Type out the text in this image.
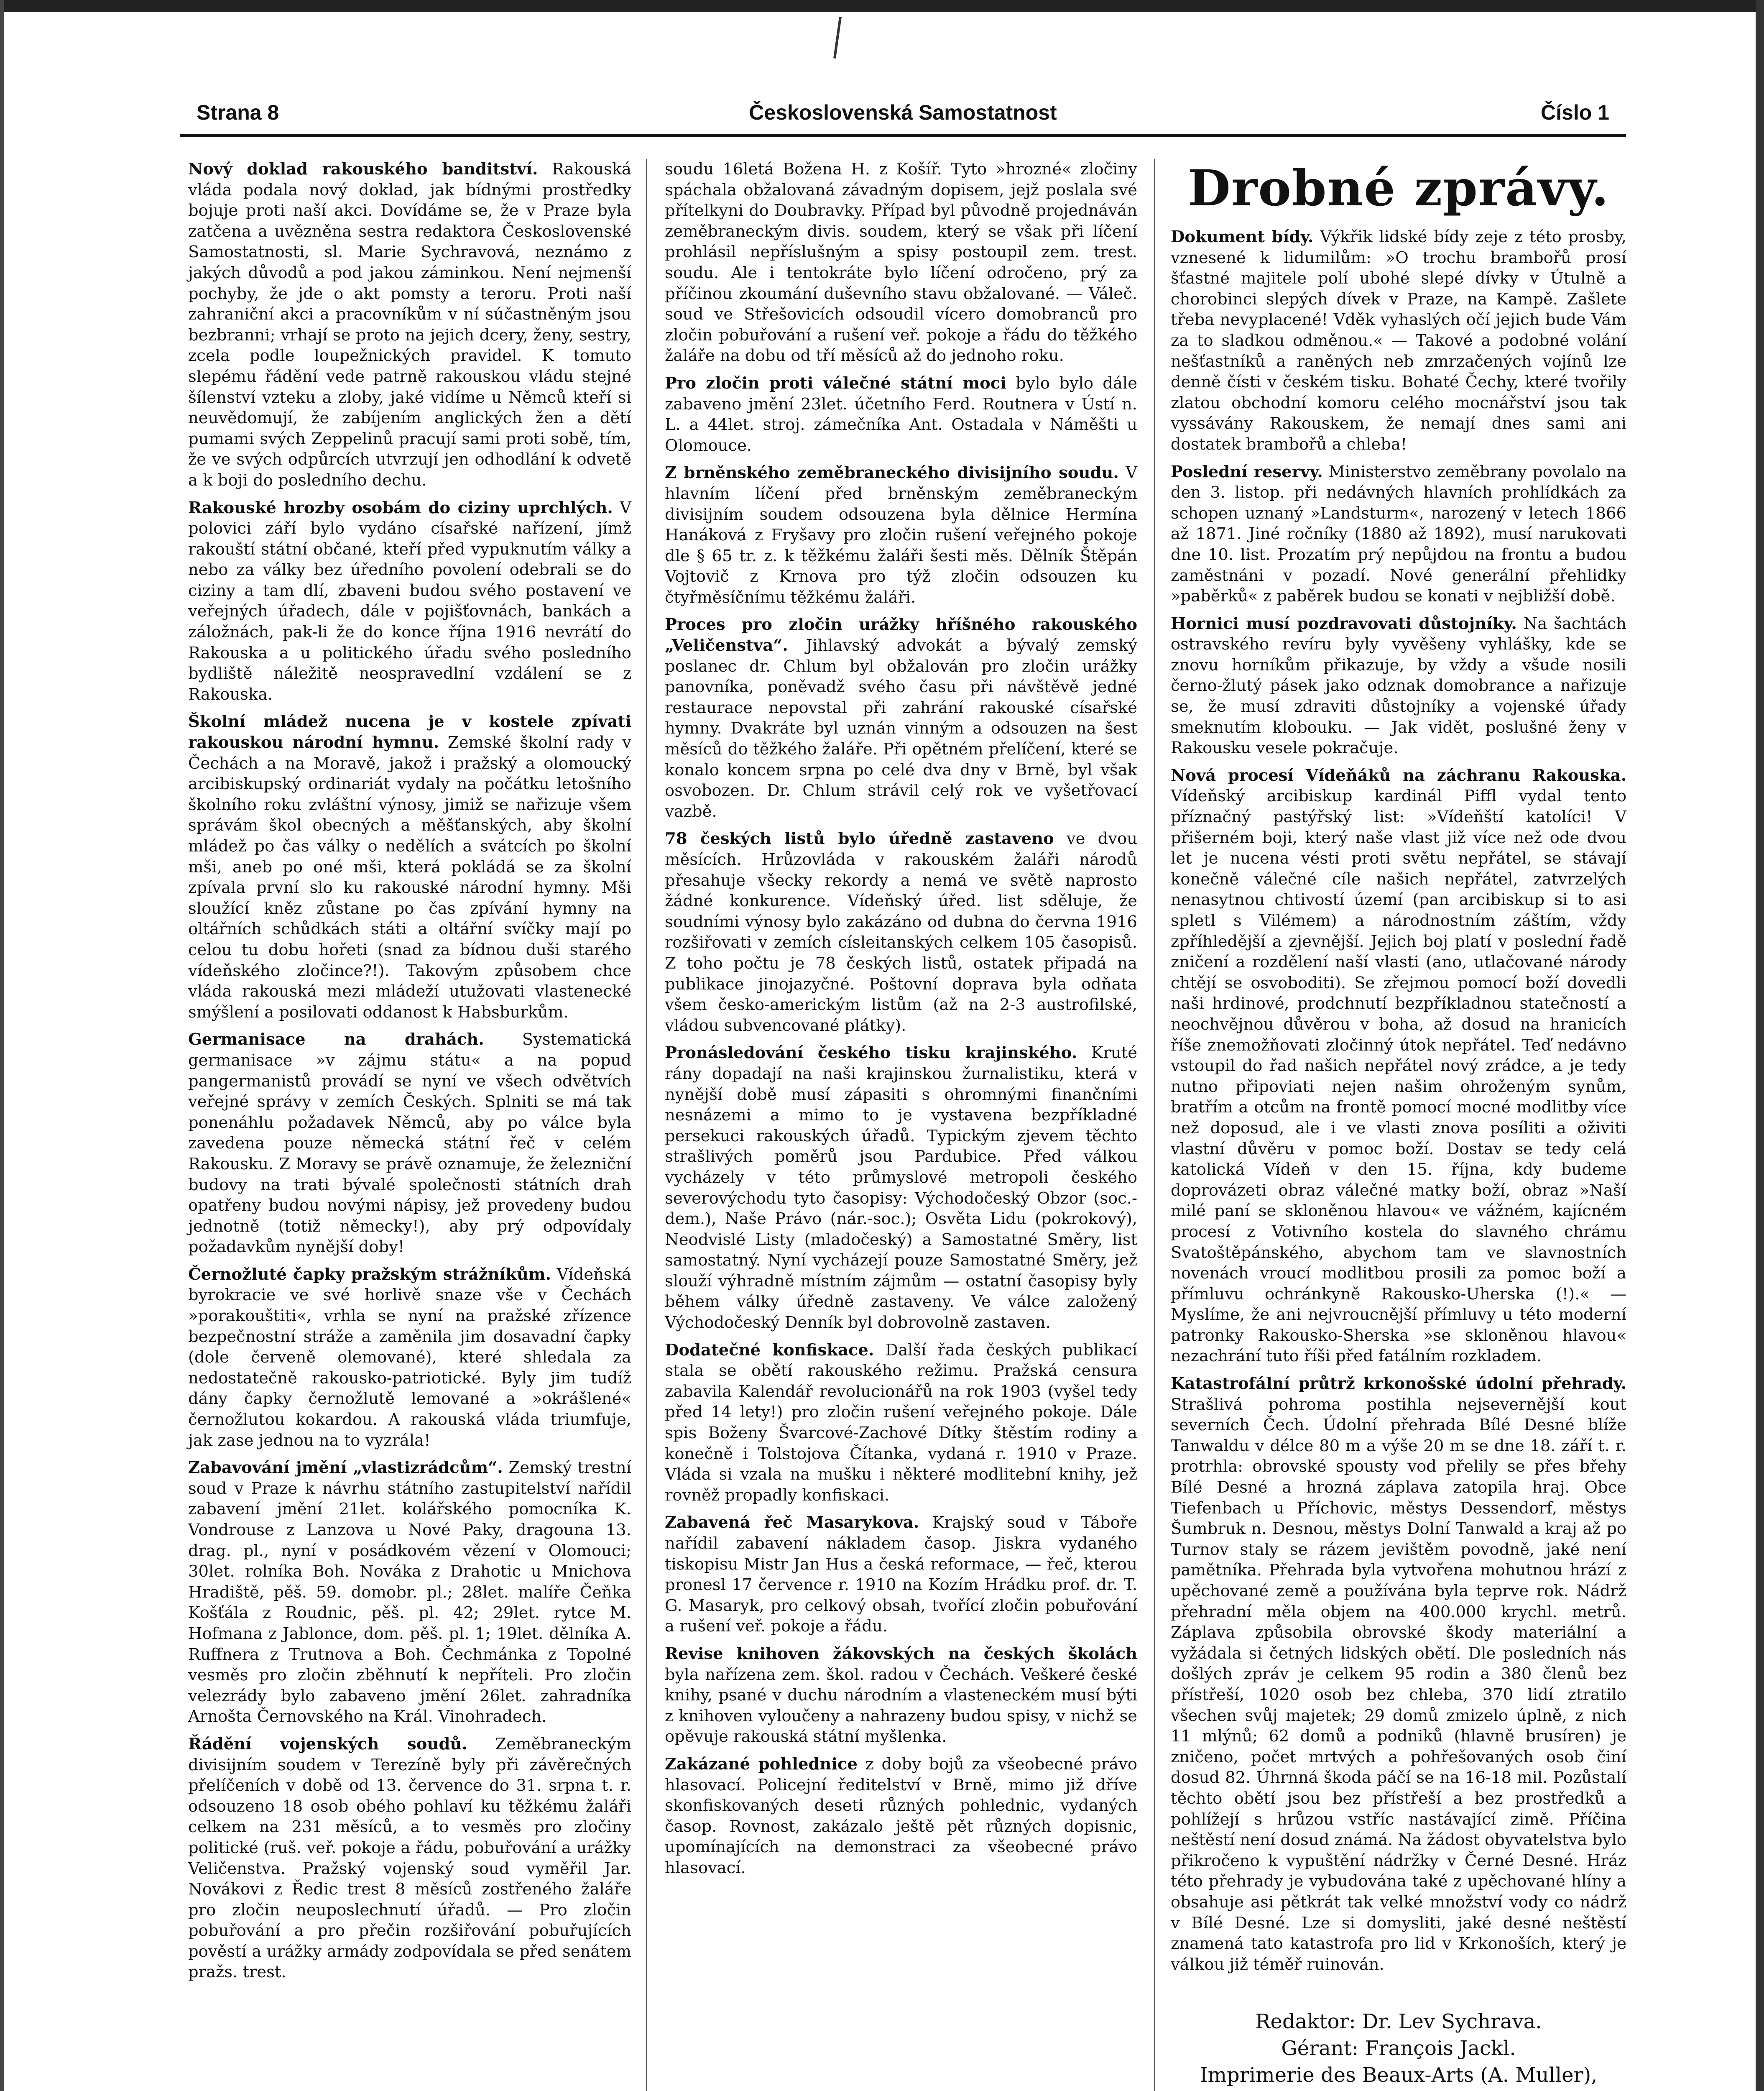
Strana 8	Československá Samostatnost	Číslo 1

Nový doklad rakouského banditství. Rakouská vláda podala nový doklad, jak bídnými prostředky bojuje proti naší akci. Dovídáme se, že v Praze byla zatčena a uvězněna sestra redaktora Československé Samostatnosti, sl. Marie Sychravová, neznámo z jakých důvodů a pod jakou záminkou. Není nejmenší pochyby, že jde o akt pomsty a teroru. Proti naší zahraniční akci a pracovníkům v ní súčastněným jsou bezbranni; vrhají se proto na jejich dcery, ženy, sestry, zcela podle loupežnických pravidel. K tomuto slepému řádění vede patrně rakouskou vládu stejné šílenství vzteku a zloby, jaké vidíme u Němců kteří si neuvědomují, že zabíjením anglických žen a dětí pumami svých Zeppelinů pracují sami proti sobě, tím, že ve svých odpůrcích utvrzují jen odhodlání k odvetě a k boji do posledního dechu.

Rakouské hrozby osobám do ciziny uprchlých. V polovici září bylo vydáno císařské nařízení, jímž rakouští státní občané, kteří před vypuknutím války a nebo za války bez úředního povolení odebrali se do ciziny a tam dlí, zbaveni budou svého postavení ve veřejných úřadech, dále v pojišťovnách, bankách a záložnách, pak-li že do konce října 1916 nevrátí do Rakouska a u politického úřadu svého posledního bydliště náležitě neospravedlní vzdálení se z Rakouska.

Školní mládež nucena je v kostele zpívati rakouskou národní hymnu. Zemské školní rady v Čechách a na Moravě, jakož i pražský a olomoucký arcibiskupský ordinariát vydaly na počátku letošního školního roku zvláštní výnosy, jimiž se nařizuje všem správám škol obecných a měšťanských, aby školní mládež po čas války o nedělích a svátcích po školní mši, aneb po oné mši, která pokládá se za školní zpívala první slo ku rakouské národní hymny. Mši sloužící kněz zůstane po čas zpívání hymny na oltářních schůdkách státi a oltářní svíčky mají po celou tu dobu hořeti (snad za bídnou duši starého vídeňského zločince?!). Takovým způsobem chce vláda rakouská mezi mládeží utužovati vlastenecké smýšlení a posilovati oddanost k Habsburkům.

Germanisace na drahách. Systematická germanisace »v zájmu státu« a na popud pangermanistů provádí se nyní ve všech odvětvích veřejné správy v zemích Českých. Splniti se má tak ponenáhlu požadavek Němců, aby po válce byla zavedena pouze německá státní řeč v celém Rakousku. Z Moravy se právě oznamuje, že železniční budovy na trati bývalé společnosti státních drah opatřeny budou novými nápisy, jež provedeny budou jednotně (totiž německy!), aby prý odpovídaly požadavkům nynější doby!

Černožluté čapky pražským strážníkům. Vídeňská byrokracie ve své horlivě snaze vše v Čechách »porakouštiti«, vrhla se nyní na pražské zřízence bezpečnostní stráže a zaměnila jim dosavadní čapky (dole červeně olemované), které shledala za nedostatečně rakousko-patriotické. Byly jim tudíž dány čapky černožlutě lemované a »okrášlené« černožlutou kokardou. A rakouská vláda triumfuje, jak zase jednou na to vyzrála!

Zabavování jmění „vlastizrádcům“. Zemský trestní soud v Praze k návrhu státního zastupitelství nařídil zabavení jmění 21let. kolářského pomocníka K. Vondrouse z Lanzova u Nové Paky, dragouna 13. drag. pl., nyní v posádkovém vězení v Olomouci; 30let. rolníka Boh. Nováka z Drahotic u Mnichova Hradiště, pěš. 59. domobr. pl.; 28let. malíře Čeňka Košťála z Roudnic, pěš. pl. 42; 29let. rytce M. Hofmana z Jablonce, dom. pěš. pl. 1; 19let. dělníka A. Ruffnera z Trutnova a Boh. Čechmánka z Topolné vesměs pro zločin zběhnutí k nepříteli. Pro zločin velezrády bylo zabaveno jmění 26let. zahradníka Arnošta Černovského na Král. Vinohradech.

Řádění vojenských soudů. Zeměbraneckým divisijním soudem v Terezíně byly při závěrečných přelíčeních v době od 13. července do 31. srpna t. r. odsouzeno 18 osob obého pohlaví ku těžkému žaláři celkem na 231 měsíců, a to vesměs pro zločiny politické (ruš. veř. pokoje a řádu, pobuřování a urážky Veličenstva. Pražský vojenský soud vyměřil Jar. Novákovi z Ředic trest 8 měsíců zostřeného žaláře pro zločin neuposlechnutí úřadů. — Pro zločin pobuřování a pro přečin rozšiřování pobuřujících pověstí a urážky armády zodpovídala se před senátem pražs. trest.

soudu 16letá Božena H. z Košíř. Tyto »hrozné« zločiny spáchala obžalovaná závadným dopisem, jejž poslala své přítelkyni do Doubravky. Případ byl původně projednáván zeměbraneckým divis. soudem, který se však při líčení prohlásil nepříslušným a spisy postoupil zem. trest. soudu. Ale i tentokráte bylo líčení odročeno, prý za příčinou zkoumání duševního stavu obžalované. — Váleč. soud ve Střešovicích odsoudil vícero domobranců pro zločin pobuřování a rušení veř. pokoje a řádu do těžkého žaláře na dobu od tří měsíců až do jednoho roku.

Pro zločin proti válečné státní moci bylo bylo dále zabaveno jmění 23let. účetního Ferd. Routnera v Ústí n. L. a 44let. stroj. zámečníka Ant. Ostadala v Náměšti u Olomouce.

Z brněnského zeměbraneckého divisijního soudu. V hlavním líčení před brněnským zeměbraneckým divisijním soudem odsouzena byla dělnice Hermína Hanáková z Fryšavy pro zločin rušení veřejného pokoje dle § 65 tr. z. k těžkému žaláři šesti měs. Dělník Štěpán Vojtovič z Krnova pro týž zločin odsouzen ku čtyřměsíčnímu těžkému žaláři.

Proces pro zločin urážky hříšného rakouského „Veličenstva“. Jihlavský advokát a bývalý zemský poslanec dr. Chlum byl obžalován pro zločin urážky panovníka, poněvadž svého času při návštěvě jedné restaurace nepovstal při zahrání rakouské císařské hymny. Dvakráte byl uznán vinným a odsouzen na šest měsíců do těžkého žaláře. Při opětném přelíčení, které se konalo koncem srpna po celé dva dny v Brně, byl však osvobozen. Dr. Chlum strávil celý rok ve vyšetřovací vazbě.

78 českých listů bylo úředně zastaveno ve dvou měsících. Hrůzovláda v rakouském žaláři národů přesahuje všecky rekordy a nemá ve světě naprosto žádné konkurence. Vídeňský úřed. list sděluje, že soudními výnosy bylo zakázáno od dubna do června 1916 rozšiřovati v zemích císleitanských celkem 105 časopisů. Z toho počtu je 78 českých listů, ostatek připadá na publikace jinojazyčné. Poštovní doprava byla odňata všem česko-americkým listům (až na 2-3 austrofilské, vládou subvencované plátky).

Pronásledování českého tisku krajinského. Kruté rány dopadají na naši krajinskou žurnalistiku, která v nynější době musí zápasiti s ohromnými finančními nesnázemi a mimo to je vystavena bezpříkladné persekuci rakouských úřadů. Typickým zjevem těchto strašlivých poměrů jsou Pardubice. Před válkou vycházely v této průmyslové metropoli českého severovýchodu tyto časopisy: Východočeský Obzor (soc.-dem.), Naše Právo (nár.-soc.); Osvěta Lidu (pokrokový), Neodvislé Listy (mladočeský) a Samostatné Směry, list samostatný. Nyní vycházejí pouze Samostatné Směry, jež slouží výhradně místním zájmům — ostatní časopisy byly během války úředně zastaveny. Ve válce založený Východočeský Denník byl dobrovolně zastaven.

Dodatečné konfiskace. Další řada českých publikací stala se obětí rakouského režimu. Pražská censura zabavila Kalendář revolucionářů na rok 1903 (vyšel tedy před 14 lety!) pro zločin rušení veřejného pokoje. Dále spis Boženy Švarcové-Zachové Dítky štěstím rodiny a konečně i Tolstojova Čítanka, vydaná r. 1910 v Praze. Vláda si vzala na mušku i některé modlitební knihy, jež rovněž propadly konfiskaci.

Zabavená řeč Masarykova. Krajský soud v Táboře nařídil zabavení nákladem časop. Jiskra vydaného tiskopisu Mistr Jan Hus a česká reformace, — řeč, kterou pronesl 17 července r. 1910 na Kozím Hrádku prof. dr. T. G. Masaryk, pro celkový obsah, tvořící zločin pobuřování a rušení veř. pokoje a řádu.

Revise knihoven žákovských na českých školách byla nařízena zem. škol. radou v Čechách. Veškeré české knihy, psané v duchu národním a vlasteneckém musí býti z knihoven vyloučeny a nahrazeny budou spisy, v nichž se opěvuje rakouská státní myšlenka.

Zakázané pohlednice z doby bojů za všeobecné právo hlasovací. Policejní ředitelství v Brně, mimo již dříve skonfiskovaných deseti různých pohlednic, vydaných časop. Rovnost, zakázalo ještě pět různých dopisnic, upomínajících na demonstraci za všeobecné právo hlasovací.

Drobné zprávy.

Dokument bídy. Výkřik lidské bídy zeje z této prosby, vznesené k lidumilům: »O trochu brambořů prosí šťastné majitele polí ubohé slepé dívky v Útulně a chorobinci slepých dívek v Praze, na Kampě. Zašlete třeba nevyplacené! Vděk vyhaslých očí jejich bude Vám za to sladkou odměnou.« — Takové a podobné volání nešťastníků a raněných neb zmrzačených vojínů lze denně čísti v českém tisku. Bohaté Čechy, které tvořily zlatou obchodní komoru celého mocnářství jsou tak vyssávány Rakouskem, že nemají dnes sami ani dostatek brambořů a chleba!

Poslední reservy. Ministerstvo zeměbrany povolalo na den 3. listop. při nedávných hlavních prohlídkách za schopen uznaný »Landsturm«, narozený v letech 1866 až 1871. Jiné ročníky (1880 až 1892), musí narukovati dne 10. list. Prozatím prý nepůjdou na frontu a budou zaměstnáni v pozadí. Nové generální přehlidky »paběrků« z paběrek budou se konati v nejbližší době.

Hornici musí pozdravovati důstojníky. Na šachtách ostravského revíru byly vyvěšeny vyhlášky, kde se znovu horníkům přikazuje, by vždy a všude nosili černo-žlutý pásek jako odznak domobrance a nařizuje se, že musí zdraviti důstojníky a vojenské úřady smeknutím klobouku. — Jak vidět, poslušné ženy v Rakousku vesele pokračuje.

Nová procesí Vídeňáků na záchranu Rakouska. Vídeňský arcibiskup kardinál Piffl vydal tento příznačný pastýřský list: »Vídeňští katolíci! V přišerném boji, který naše vlast již více než ode dvou let je nucena vésti proti světu nepřátel, se stávají konečně válečné cíle našich nepřátel, zatvrzelých nenasytnou chtivostí území (pan arcibiskup si to asi spletl s Vilémem) a národnostním záštím, vždy zpříhledější a zjevnější. Jejich boj platí v poslední řadě zničení a rozdělení naší vlasti (ano, utlačované národy chtějí se osvoboditi). Se zřejmou pomocí boží dovedli naši hrdinové, prodchnutí bezpříkladnou statečností a neochvějnou důvěrou v boha, až dosud na hranicích říše znemožňovati zločinný útok nepřátel. Teď nedávno vstoupil do řad našich nepřátel nový zrádce, a je tedy nutno připoviati nejen našim ohroženým synům, bratřím a otcům na frontě pomocí mocné modlitby více než doposud, ale i ve vlasti znova posíliti a oživiti vlastní důvěru v pomoc boží. Dostav se tedy celá katolická Vídeň v den 15. října, kdy budeme doprovázeti obraz válečné matky boží, obraz »Naší milé paní se skloněnou hlavou« ve vážném, kajícném procesí z Votivního kostela do slavného chrámu Svatoštěpánského, abychom tam ve slavnostních novenách vroucí modlitbou prosili za pomoc boží a přímluvu ochránkyně Rakousko-Uherska (!).« — Myslíme, že ani nejvroucnější přímluvy u této moderní patronky Rakousko-Sherska »se skloněnou hlavou« nezachrání tuto říši před fatálním rozkladem.

Katastrofální průtrž krkonošské údolní přehrady. Strašlivá pohroma postihla nejsevernější kout severních Čech. Údolní přehrada Bílé Desné blíže Tanwaldu v délce 80 m a výše 20 m se dne 18. září t. r. protrhla: obrovské spousty vod přelily se přes břehy Bílé Desné a hrozná záplava zatopila hraj. Obce Tiefenbach u Příchovic, městys Dessendorf, městys Šumbruk n. Desnou, městys Dolní Tanwald a kraj až po Turnov staly se rázem jevištěm povodně, jaké není pamětníka. Přehrada byla vytvořena mohutnou hrází z upěchované země a používána byla teprve rok. Nádrž přehradní měla objem na 400.000 krychl. metrů. Záplava způsobila obrovské škody materiální a vyžádala si četných lidských obětí. Dle posledních nás došlých zpráv je celkem 95 rodin a 380 členů bez přístřeší, 1020 osob bez chleba, 370 lidí ztratilo všechen svůj majetek; 29 domů zmizelo úplně, z nich 11 mlýnů; 62 domů a podniků (hlavně brusíren) je zničeno, počet mrtvých a pohřešovaných osob činí dosud 82. Úhrnná škoda páčí se na 16-18 mil. Pozůstalí těchto obětí jsou bez přístřeší a bez prostředků a pohlížejí s hrůzou vstříc nastávající zimě. Příčina neštěstí není dosud známá. Na žádost obyvatelstva bylo přikročeno k vypuštění nádržky v Černé Desné. Hráz této přehrady je vybudována také z upěchované hlíny a obsahuje asi pětkrát tak velké množství vody co nádrž v Bílé Desné. Lze si domysliti, jaké desné neštěstí znamená tato katastrofa pro lid v Krkonoších, který je válkou již téměř ruinován.

Redaktor: Dr. Lev Sychrava.
Gérant: François Jackl.
Imprimerie des Beaux-Arts (A. Muller),
